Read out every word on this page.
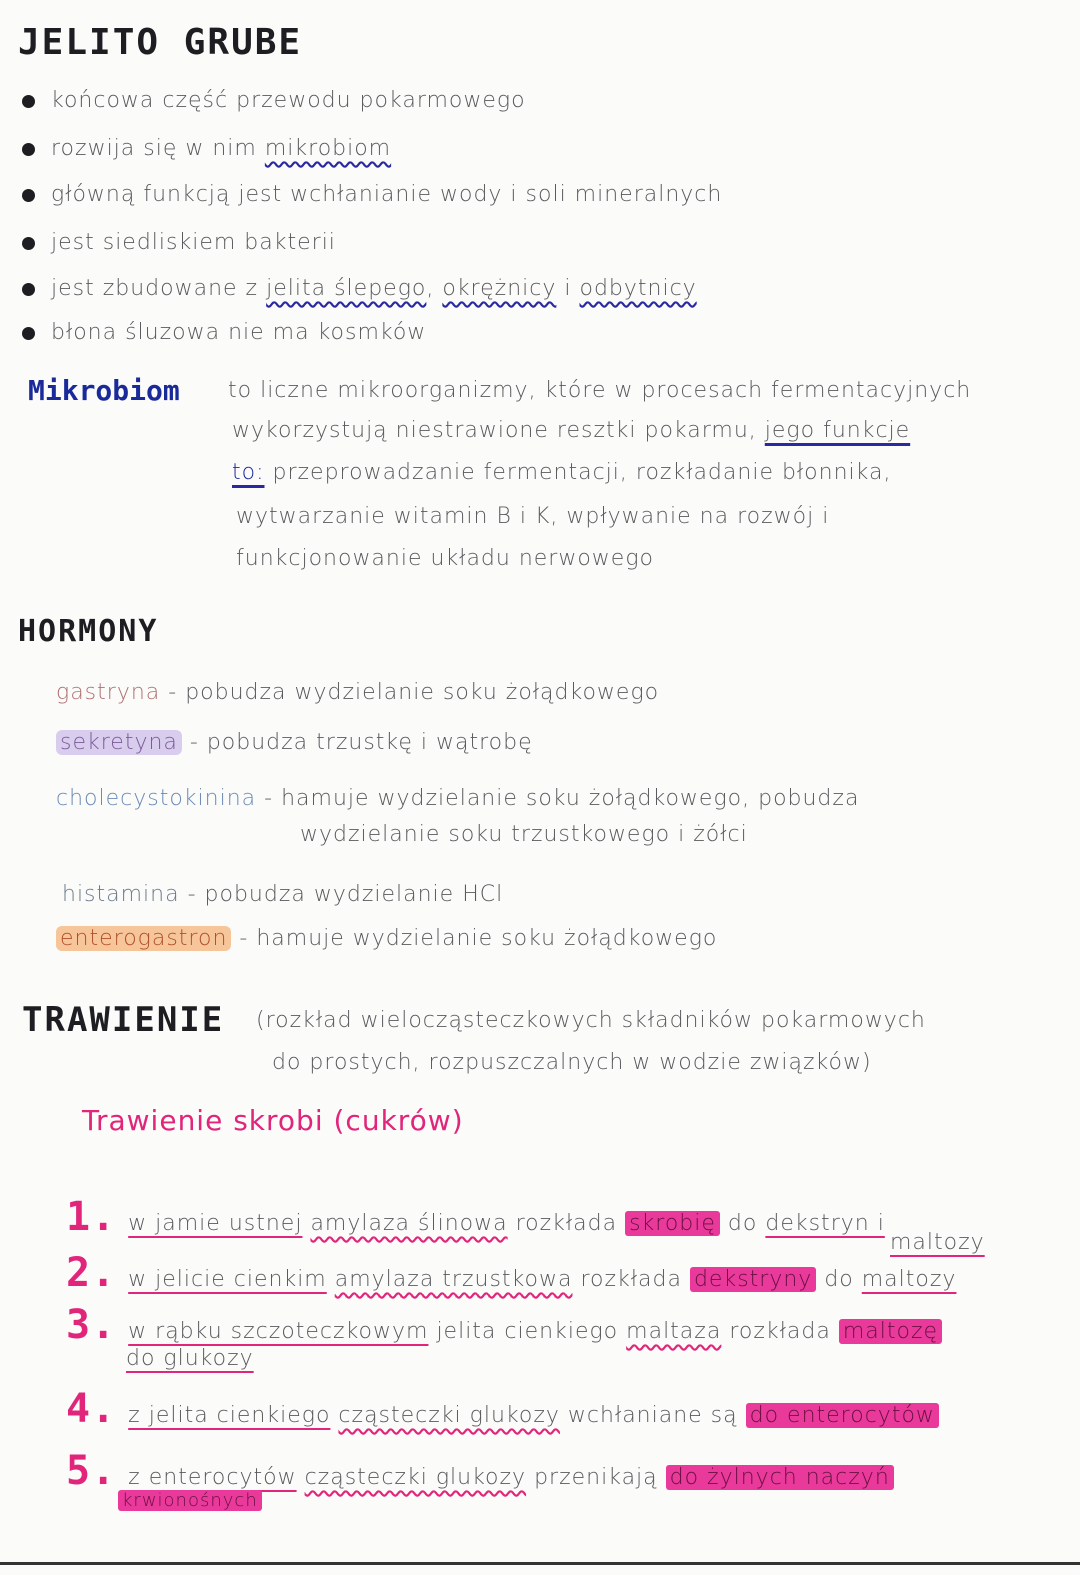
JELITO GRUBE
końcowa część przewodu pokarmowego
rozwija się w nim mikrobiom
główną funkcją jest wchłanianie wody i soli mineralnych
jest siedliskiem bakterii
jest zbudowane z jelita ślepego, okrężnicy i odbytnicy
błona śluzowa nie ma kosmków
Mikrobiom to liczne mikroorganizmy, które w procesach fermentacyjnych
wykorzystują niestrawione resztki pokarmu, jego funkcje
to: przeprowadzanie fermentacji, rozkładanie błonnika,
wytwarzanie witamin B i K, wpływanie na rozwój i
funkcjonowanie układu nerwowego
HORMONY
gastryna - pobudza wydzielanie soku żołądkowego
sekretyna - pobudza trzustkę i wątrobę
cholecystokinina - hamuje wydzielanie soku żołądkowego, pobudza
wydzielanie soku trzustkowego i żółci
histamina - pobudza wydzielanie HCl
enterogastron - hamuje wydzielanie soku żołądkowego
TRAWIENIE (rozkład wielocząsteczkowych składników pokarmowych
do prostych, rozpuszczalnych w wodzie związków)
Trawienie skrobi (cukrów)
1. w jamie ustnej amylaza ślinowa rozkłada skrobię do dekstryn i
maltozy
2. w jelicie cienkim amylaza trzustkowa rozkłada dekstryny do maltozy
3. w rąbku szczoteczkowym jelita cienkiego maltaza rozkłada maltozę
do glukozy
4. z jelita cienkiego cząsteczki glukozy wchłaniane są do enterocytów
5. z enterocytów cząsteczki glukozy przenikają do żylnych naczyń
krwionośnych
